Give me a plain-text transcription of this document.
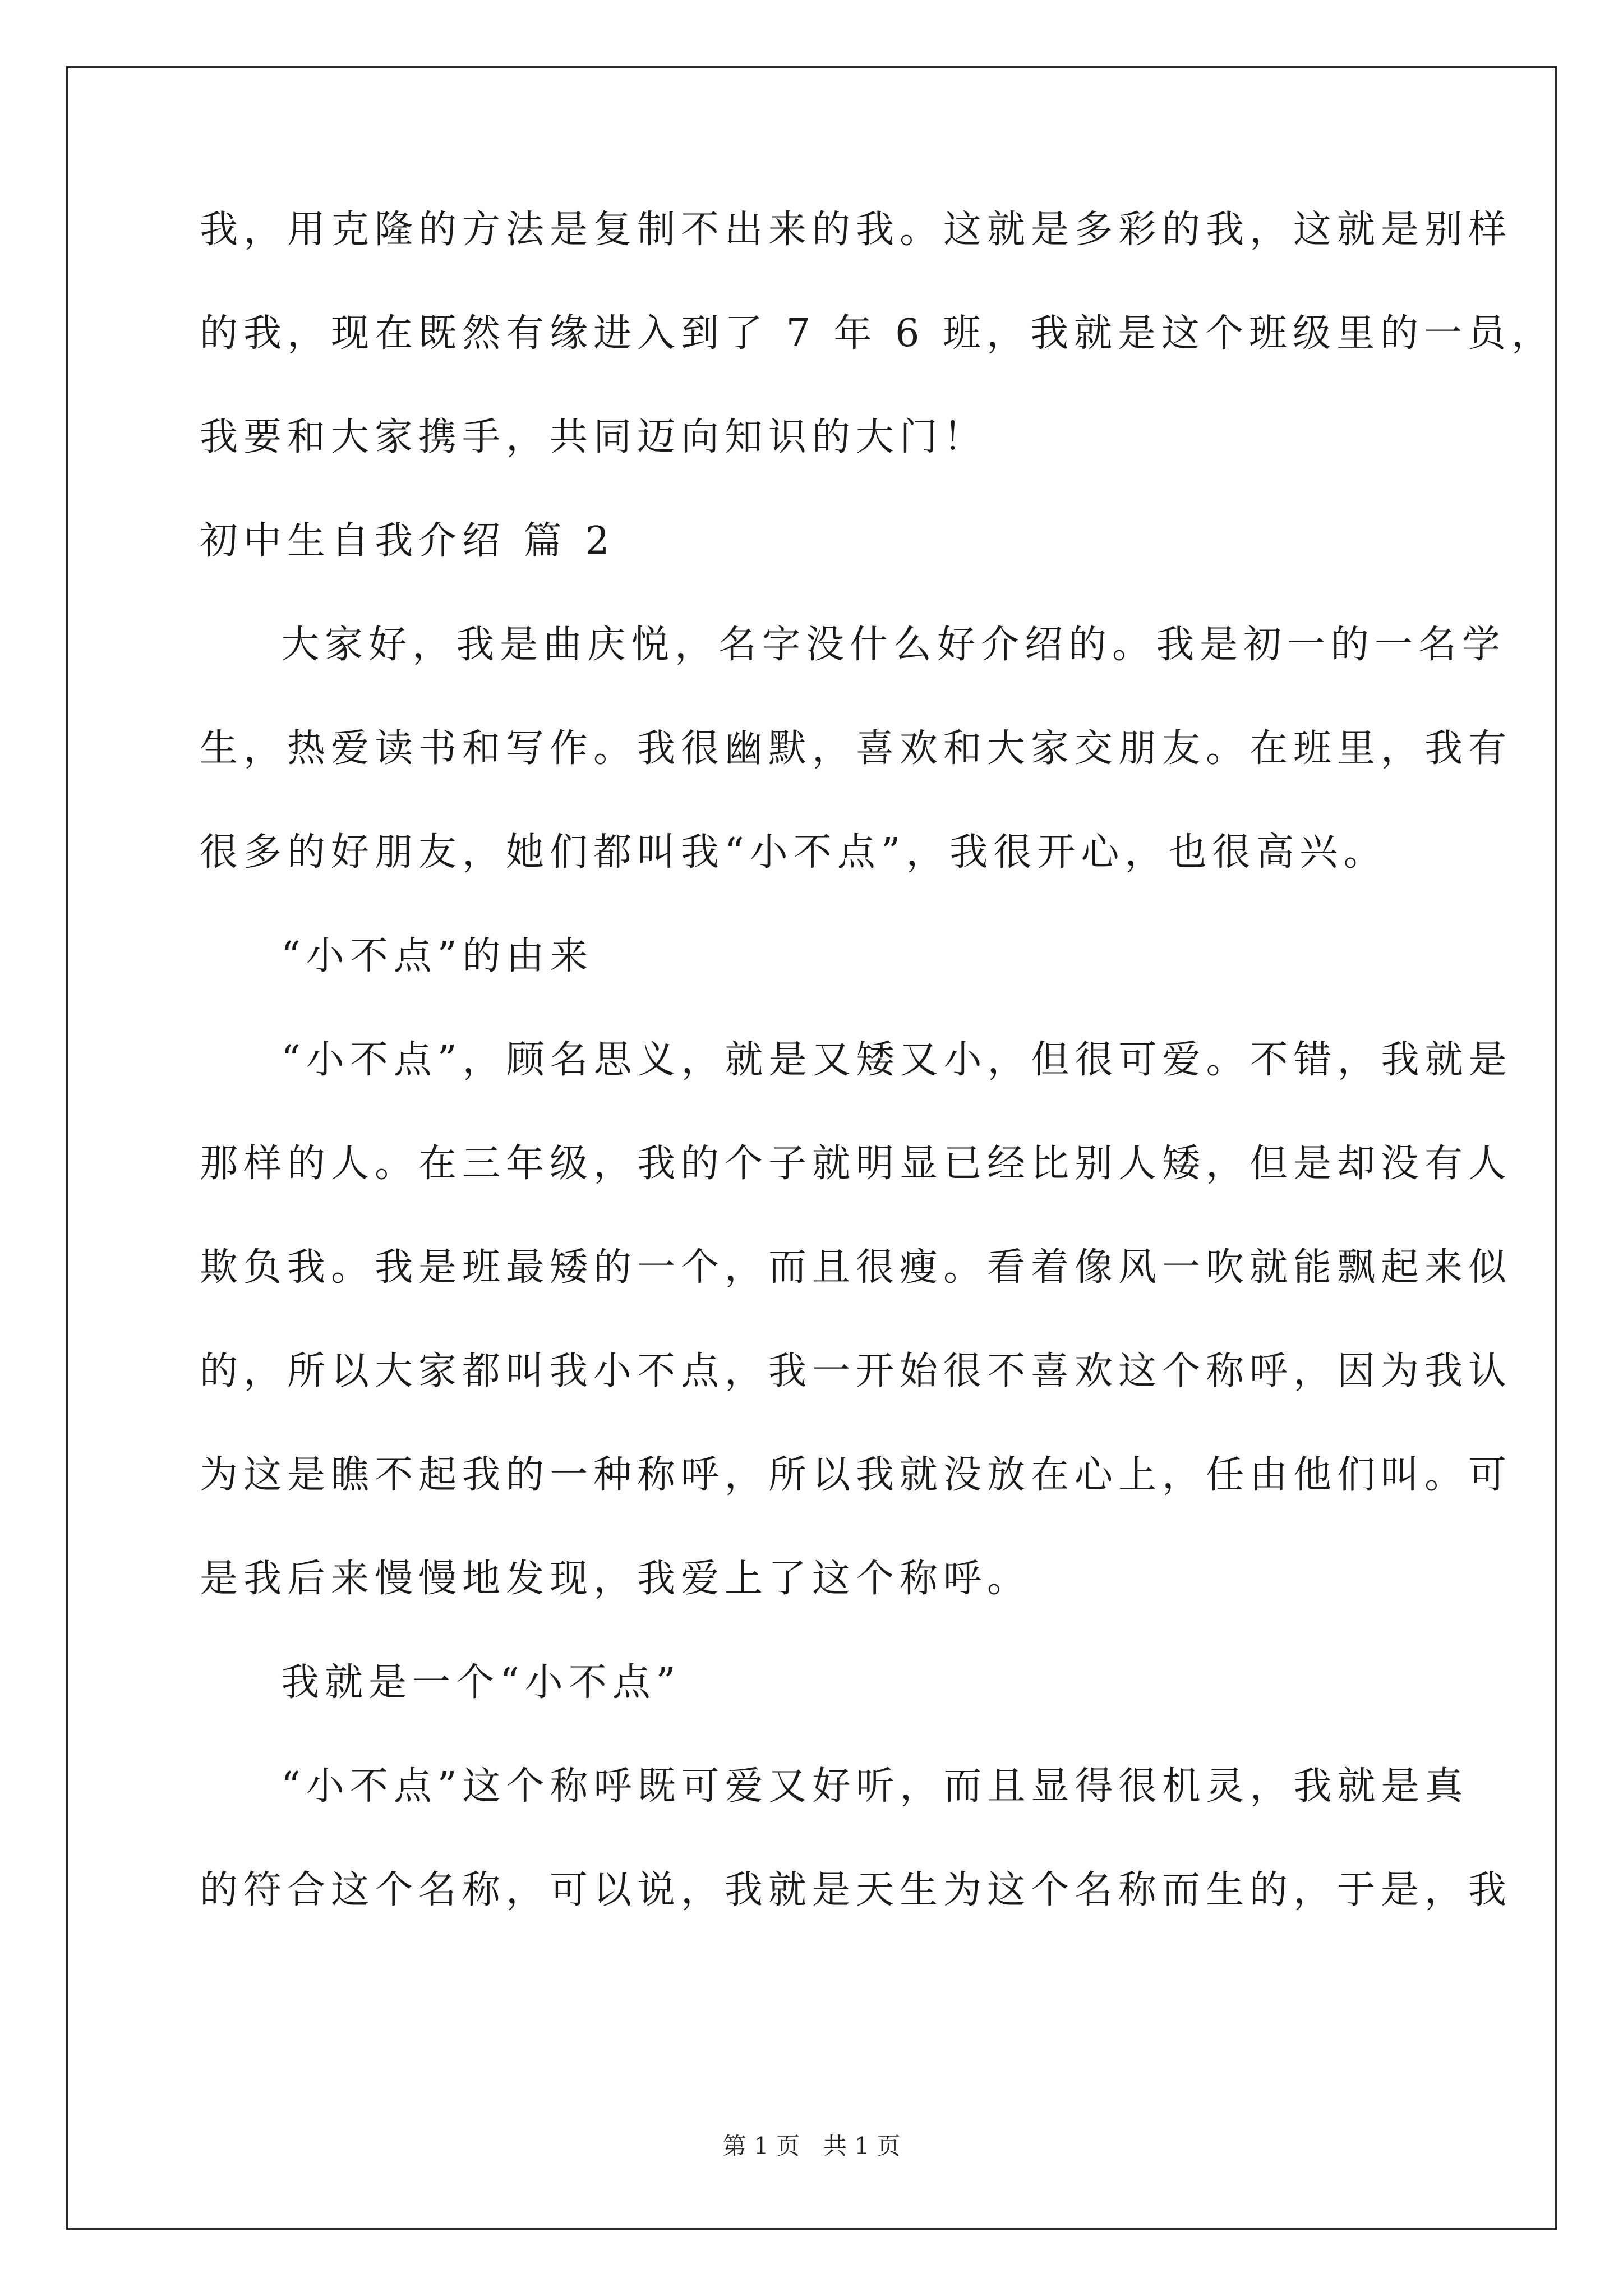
我，用克隆的方法是复制不出来的我。这就是多彩的我，这就是别样
的我，现在既然有缘进入到了 7 年 6 班，我就是这个班级里的一员，
我要和大家携手，共同迈向知识的大门！
初中生自我介绍 篇 2
大家好，我是曲庆悦，名字没什么好介绍的。我是初一的一名学
生，热爱读书和写作。我很幽默，喜欢和大家交朋友。在班里，我有
很多的好朋友，她们都叫我“小不点”，我很开心，也很高兴。
“小不点”的由来
“小不点”，顾名思义，就是又矮又小，但很可爱。不错，我就是
那样的人。在三年级，我的个子就明显已经比别人矮，但是却没有人
欺负我。我是班最矮的一个，而且很瘦。看着像风一吹就能飘起来似
的，所以大家都叫我小不点，我一开始很不喜欢这个称呼，因为我认
为这是瞧不起我的一种称呼，所以我就没放在心上，任由他们叫。可
是我后来慢慢地发现，我爱上了这个称呼。
我就是一个“小不点”
“小不点”这个称呼既可爱又好听，而且显得很机灵，我就是真
的符合这个名称，可以说，我就是天生为这个名称而生的，于是，我
第 1 页　共 1 页
